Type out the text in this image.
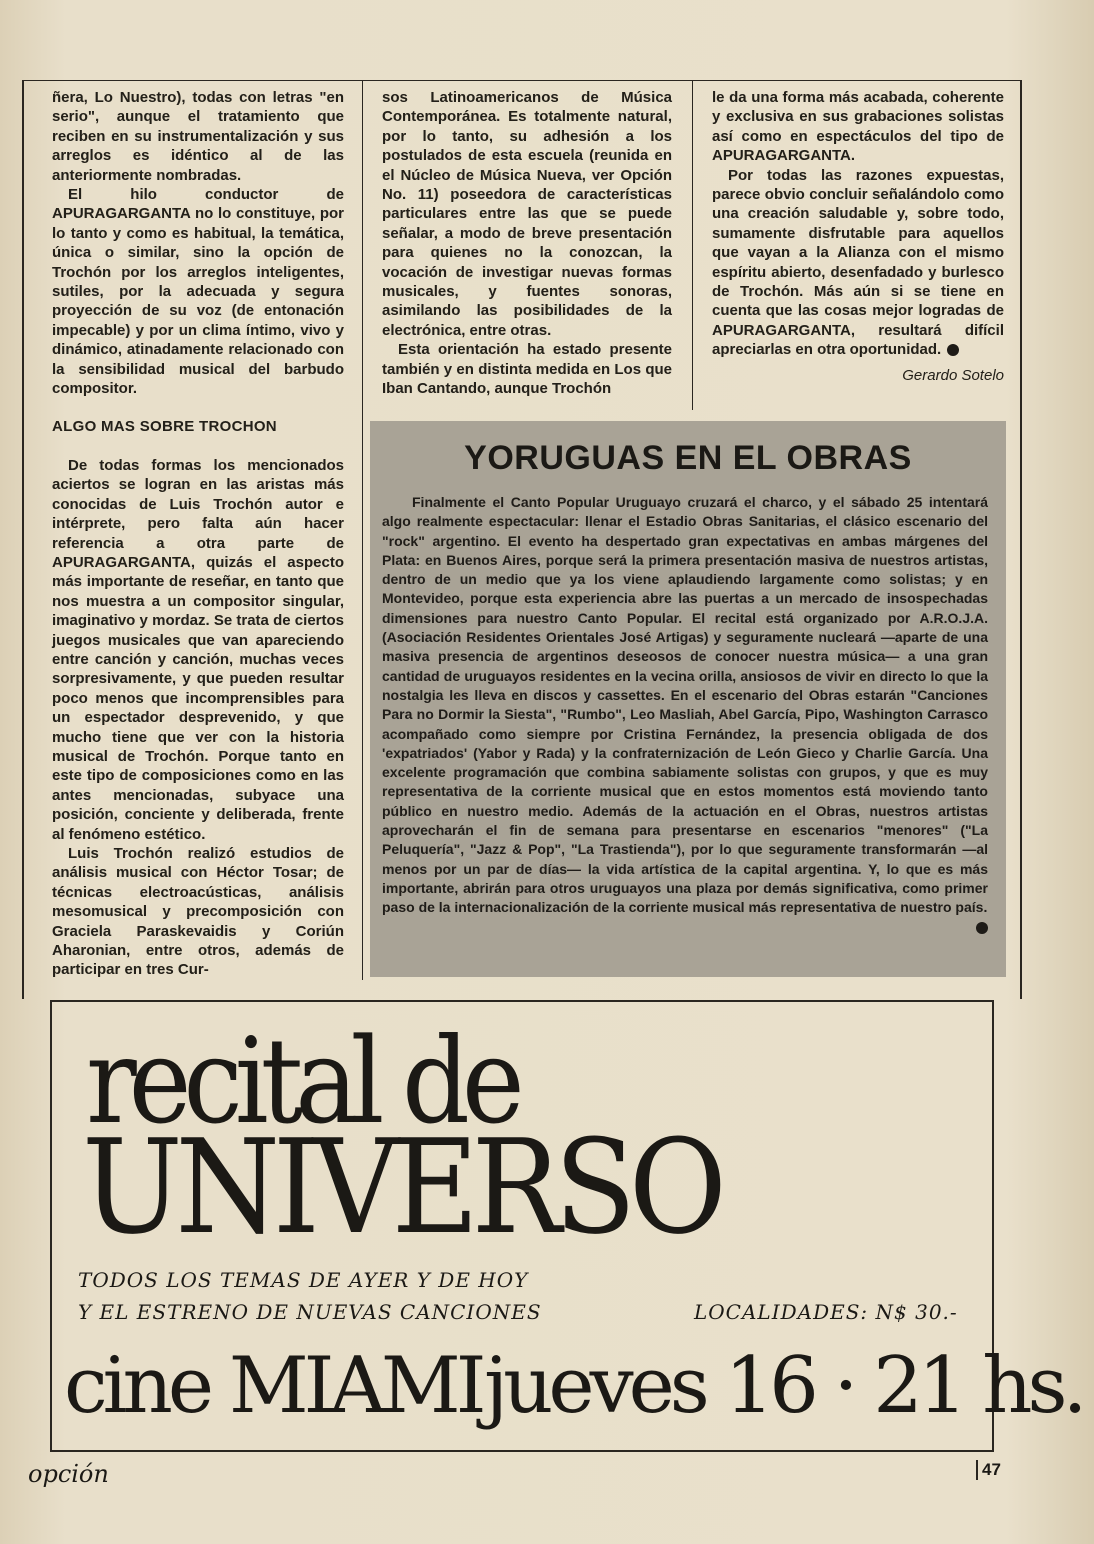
ñera, Lo Nuestro), todas con letras "en serio", aunque el tratamiento que reciben en su instrumentalización y sus arreglos es idéntico al de las anteriormente nombradas.

El hilo conductor de APURAGARGANTA no lo constituye, por lo tanto y como es habitual, la temática, única o similar, sino la opción de Trochón por los arreglos inteligentes, sutiles, por la adecuada y segura proyección de su voz (de entonación impecable) y por un clima íntimo, vivo y dinámico, atinadamente relacionado con la sensibilidad musical del barbudo compositor.

ALGO MAS SOBRE TROCHON

De todas formas los mencionados aciertos se logran en las aristas más conocidas de Luis Trochón autor e intérprete, pero falta aún hacer referencia a otra parte de APURAGARGANTA, quizás el aspecto más importante de reseñar, en tanto que nos muestra a un compositor singular, imaginativo y mordaz. Se trata de ciertos juegos musicales que van apareciendo entre canción y canción, muchas veces sorpresivamente, y que pueden resultar poco menos que incomprensibles para un espectador desprevenido, y que mucho tiene que ver con la historia musical de Trochón. Porque tanto en este tipo de composiciones como en las antes mencionadas, subyace una posición, conciente y deliberada, frente al fenómeno estético.

Luis Trochón realizó estudios de análisis musical con Héctor Tosar; de técnicas electroacústicas, análisis mesomusical y precomposición con Graciela Paraskevaidis y Coriún Aharonian, entre otros, además de participar en tres Cur-

sos Latinoamericanos de Música Contemporánea. Es totalmente natural, por lo tanto, su adhesión a los postulados de esta escuela (reunida en el Núcleo de Música Nueva, ver Opción No. 11) poseedora de características particulares entre las que se puede señalar, a modo de breve presentación para quienes no la conozcan, la vocación de investigar nuevas formas musicales, y fuentes sonoras, asimilando las posibilidades de la electrónica, entre otras.

Esta orientación ha estado presente también y en distinta medida en Los que Iban Cantando, aunque Trochón

le da una forma más acabada, coherente y exclusiva en sus grabaciones solistas así como en espectáculos del tipo de APURAGARGANTA.

Por todas las razones expuestas, parece obvio concluir señalándolo como una creación saludable y, sobre todo, sumamente disfrutable para aquellos que vayan a la Alianza con el mismo espíritu abierto, desenfadado y burlesco de Trochón. Más aún si se tiene en cuenta que las cosas mejor logradas de APURAGARGANTA, resultará difícil apreciarlas en otra oportunidad.

Gerardo Sotelo

YORUGUAS EN EL OBRAS
Finalmente el Canto Popular Uruguayo cruzará el charco, y el sábado 25 intentará algo realmente espectacular: llenar el Estadio Obras Sanitarias, el clásico escenario del "rock" argentino. El evento ha despertado gran expectativas en ambas márgenes del Plata: en Buenos Aires, porque será la primera presentación masiva de nuestros artistas, dentro de un medio que ya los viene aplaudiendo largamente como solistas; y en Montevideo, porque esta experiencia abre las puertas a un mercado de insospechadas dimensiones para nuestro Canto Popular. El recital está organizado por A.R.O.J.A. (Asociación Residentes Orientales José Artigas) y seguramente nucleará —aparte de una masiva presencia de argentinos deseosos de conocer nuestra música— a una gran cantidad de uruguayos residentes en la vecina orilla, ansiosos de vivir en directo lo que la nostalgia les lleva en discos y cassettes. En el escenario del Obras estarán "Canciones Para no Dormir la Siesta", "Rumbo", Leo Masliah, Abel García, Pipo, Washington Carrasco acompañado como siempre por Cristina Fernández, la presencia obligada de dos 'expatriados' (Yabor y Rada) y la confraternización de León Gieco y Charlie García. Una excelente programación que combina sabiamente solistas con grupos, y que es muy representativa de la corriente musical que en estos momentos está moviendo tanto público en nuestro medio. Además de la actuación en el Obras, nuestros artistas aprovecharán el fin de semana para presentarse en escenarios "menores" ("La Peluquería", "Jazz & Pop", "La Trastienda"), por lo que seguramente transformarán —al menos por un par de días— la vida artística de la capital argentina. Y, lo que es más importante, abrirán para otros uruguayos una plaza por demás significativa, como primer paso de la internacionalización de la corriente musical más representativa de nuestro país.
recital de
UNIVERSO
TODOS LOS TEMAS DE AYER Y DE HOY
Y EL ESTRENO DE NUEVAS CANCIONES	LOCALIDADES: N$ 30.-
cine MIAMI jueves 16 · 21 hs.
opción	47
